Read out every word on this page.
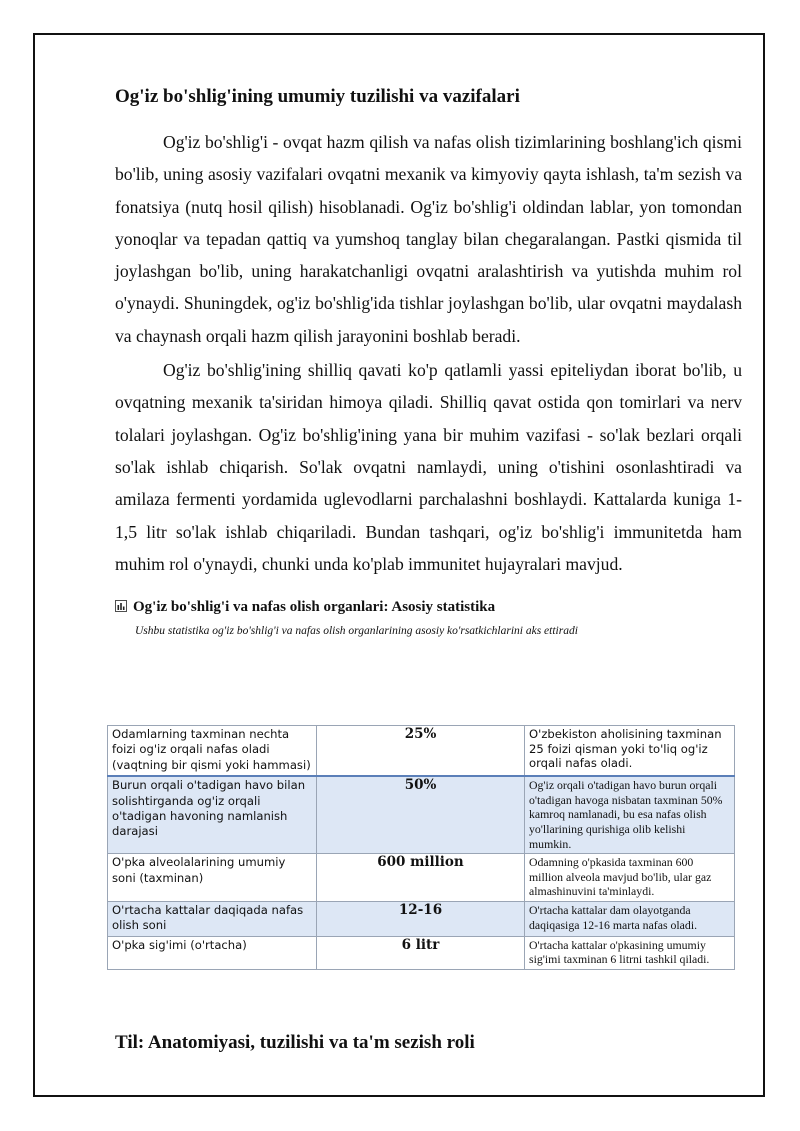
Og'iz bo'shlig'ining umumiy tuzilishi va vazifalari

Og'iz bo'shlig'i - ovqat hazm qilish va nafas olish tizimlarining boshlang'ich qismi bo'lib, uning asosiy vazifalari ovqatni mexanik va kimyoviy qayta ishlash, ta'm sezish va fonatsiya (nutq hosil qilish) hisoblanadi. Og'iz bo'shlig'i oldindan lablar, yon tomondan yonoqlar va tepadan qattiq va yumshoq tanglay bilan chegaralangan. Pastki qismida til joylashgan bo'lib, uning harakatchanligi ovqatni aralashtirish va yutishda muhim rol o'ynaydi. Shuningdek, og'iz bo'shlig'ida tishlar joylashgan bo'lib, ular ovqatni maydalash va chaynash orqali hazm qilish jarayonini boshlab beradi.

Og'iz bo'shlig'ining shilliq qavati ko'p qatlamli yassi epiteliydan iborat bo'lib, u ovqatning mexanik ta'siridan himoya qiladi. Shilliq qavat ostida qon tomirlari va nerv tolalari joylashgan. Og'iz bo'shlig'ining yana bir muhim vazifasi - so'lak bezlari orqali so'lak ishlab chiqarish. So'lak ovqatni namlaydi, uning o'tishini osonlashtiradi va amilaza fermenti yordamida uglevodlarni parchalashni boshlaydi. Kattalarda kuniga 1-1,5 litr so'lak ishlab chiqariladi. Bundan tashqari, og'iz bo'shlig'i immunitetda ham muhim rol o'ynaydi, chunki unda ko'plab immunitet hujayralari mavjud.

Og'iz bo'shlig'i va nafas olish organlari: Asosiy statistika
Ushbu statistika og'iz bo'shlig'i va nafas olish organlarining asosiy ko'rsatkichlarini aks ettiradi
Odamlarning taxminan nechta foizi og'iz orqali nafas oladi (vaqtning bir qismi yoki hammasi)	25%	O'zbekiston aholisining taxminan 25 foizi qisman yoki to'liq og'iz orqali nafas oladi.
Burun orqali o'tadigan havo bilan solishtirganda og'iz orqali o'tadigan havoning namlanish darajasi	50%	Og'iz orqali o'tadigan havo burun orqali o'tadigan havoga nisbatan taxminan 50% kamroq namlanadi, bu esa nafas olish yo'llarining qurishiga olib kelishi mumkin.
O'pka alveolalarining umumiy soni (taxminan)	600 million	Odamning o'pkasida taxminan 600 million alveola mavjud bo'lib, ular gaz almashinuvini ta'minlaydi.
O'rtacha kattalar daqiqada nafas olish soni	12-16	O'rtacha kattalar dam olayotganda daqiqasiga 12-16 marta nafas oladi.
O'pka sig'imi (o'rtacha)	6 litr	O'rtacha kattalar o'pkasining umumiy sig'imi taxminan 6 litrni tashkil qiladi.
Til: Anatomiyasi, tuzilishi va ta'm sezish roli
